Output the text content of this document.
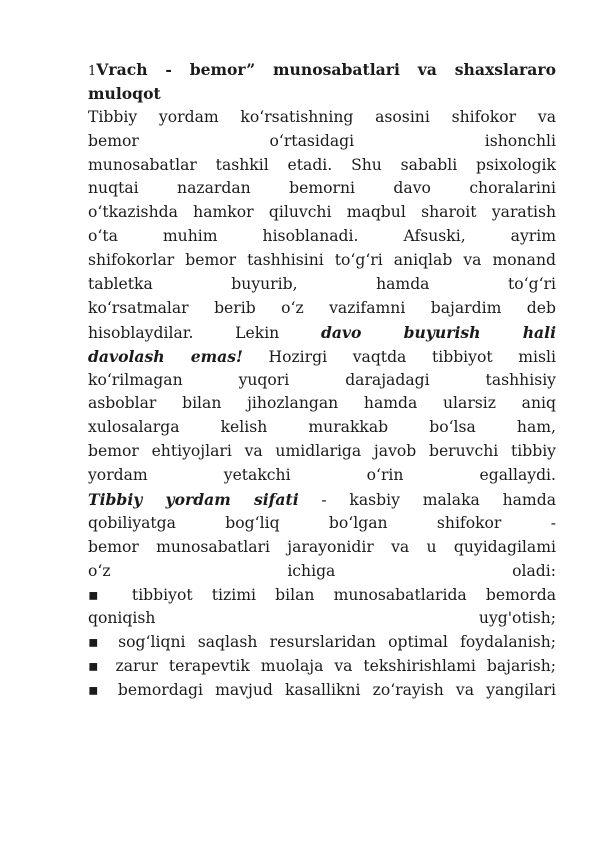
1Vrach - bemor” munosabatlari va shaxslararo
muloqot
Tibbiy yordam ko‘rsatishning asosini shifokor va
bemor o‘rtasidagi ishonchli
munosabatlar tashkil etadi. Shu sababli psixologik
nuqtai nazardan bemorni davo choralarini
o‘tkazishda hamkor qiluvchi maqbul sharoit yaratish
o‘ta muhim hisoblanadi. Afsuski, ayrim
shifokorlar bemor tashhisini to‘g‘ri aniqlab va monand
tabletka buyurib, hamda to‘g‘ri
ko‘rsatmalar berib o‘z vazifamni bajardim deb
hisoblaydilar. Lekin	davo buyurish hali
davolash emas! Hozirgi vaqtda tibbiyot misli
ko‘rilmagan yuqori darajadagi tashhisiy
asboblar bilan jihozlangan hamda ularsiz aniq
xulosalarga kelish murakkab bo‘lsa ham,
bemor ehtiyojlari va umidlariga javob beruvchi tibbiy
yordam yetakchi o‘rin egallaydi.
Tibbiy yordam sifati - kasbiy malaka hamda
qobiliyatga bog‘liq bo‘lgan shifokor -
bemor munosabatlari jarayonidir va u quyidagilami
o‘z ichiga oladi:
▪ tibbiyot tizimi bilan munosabatlarida bemorda
qoniqish uyg'otish;
▪ sog‘liqni saqlash resurslaridan optimal foydalanish;
▪ zarur terapevtik muolaja va tekshirishlami bajarish;
▪ bemordagi mavjud kasallikni zo‘rayish va yangilari
